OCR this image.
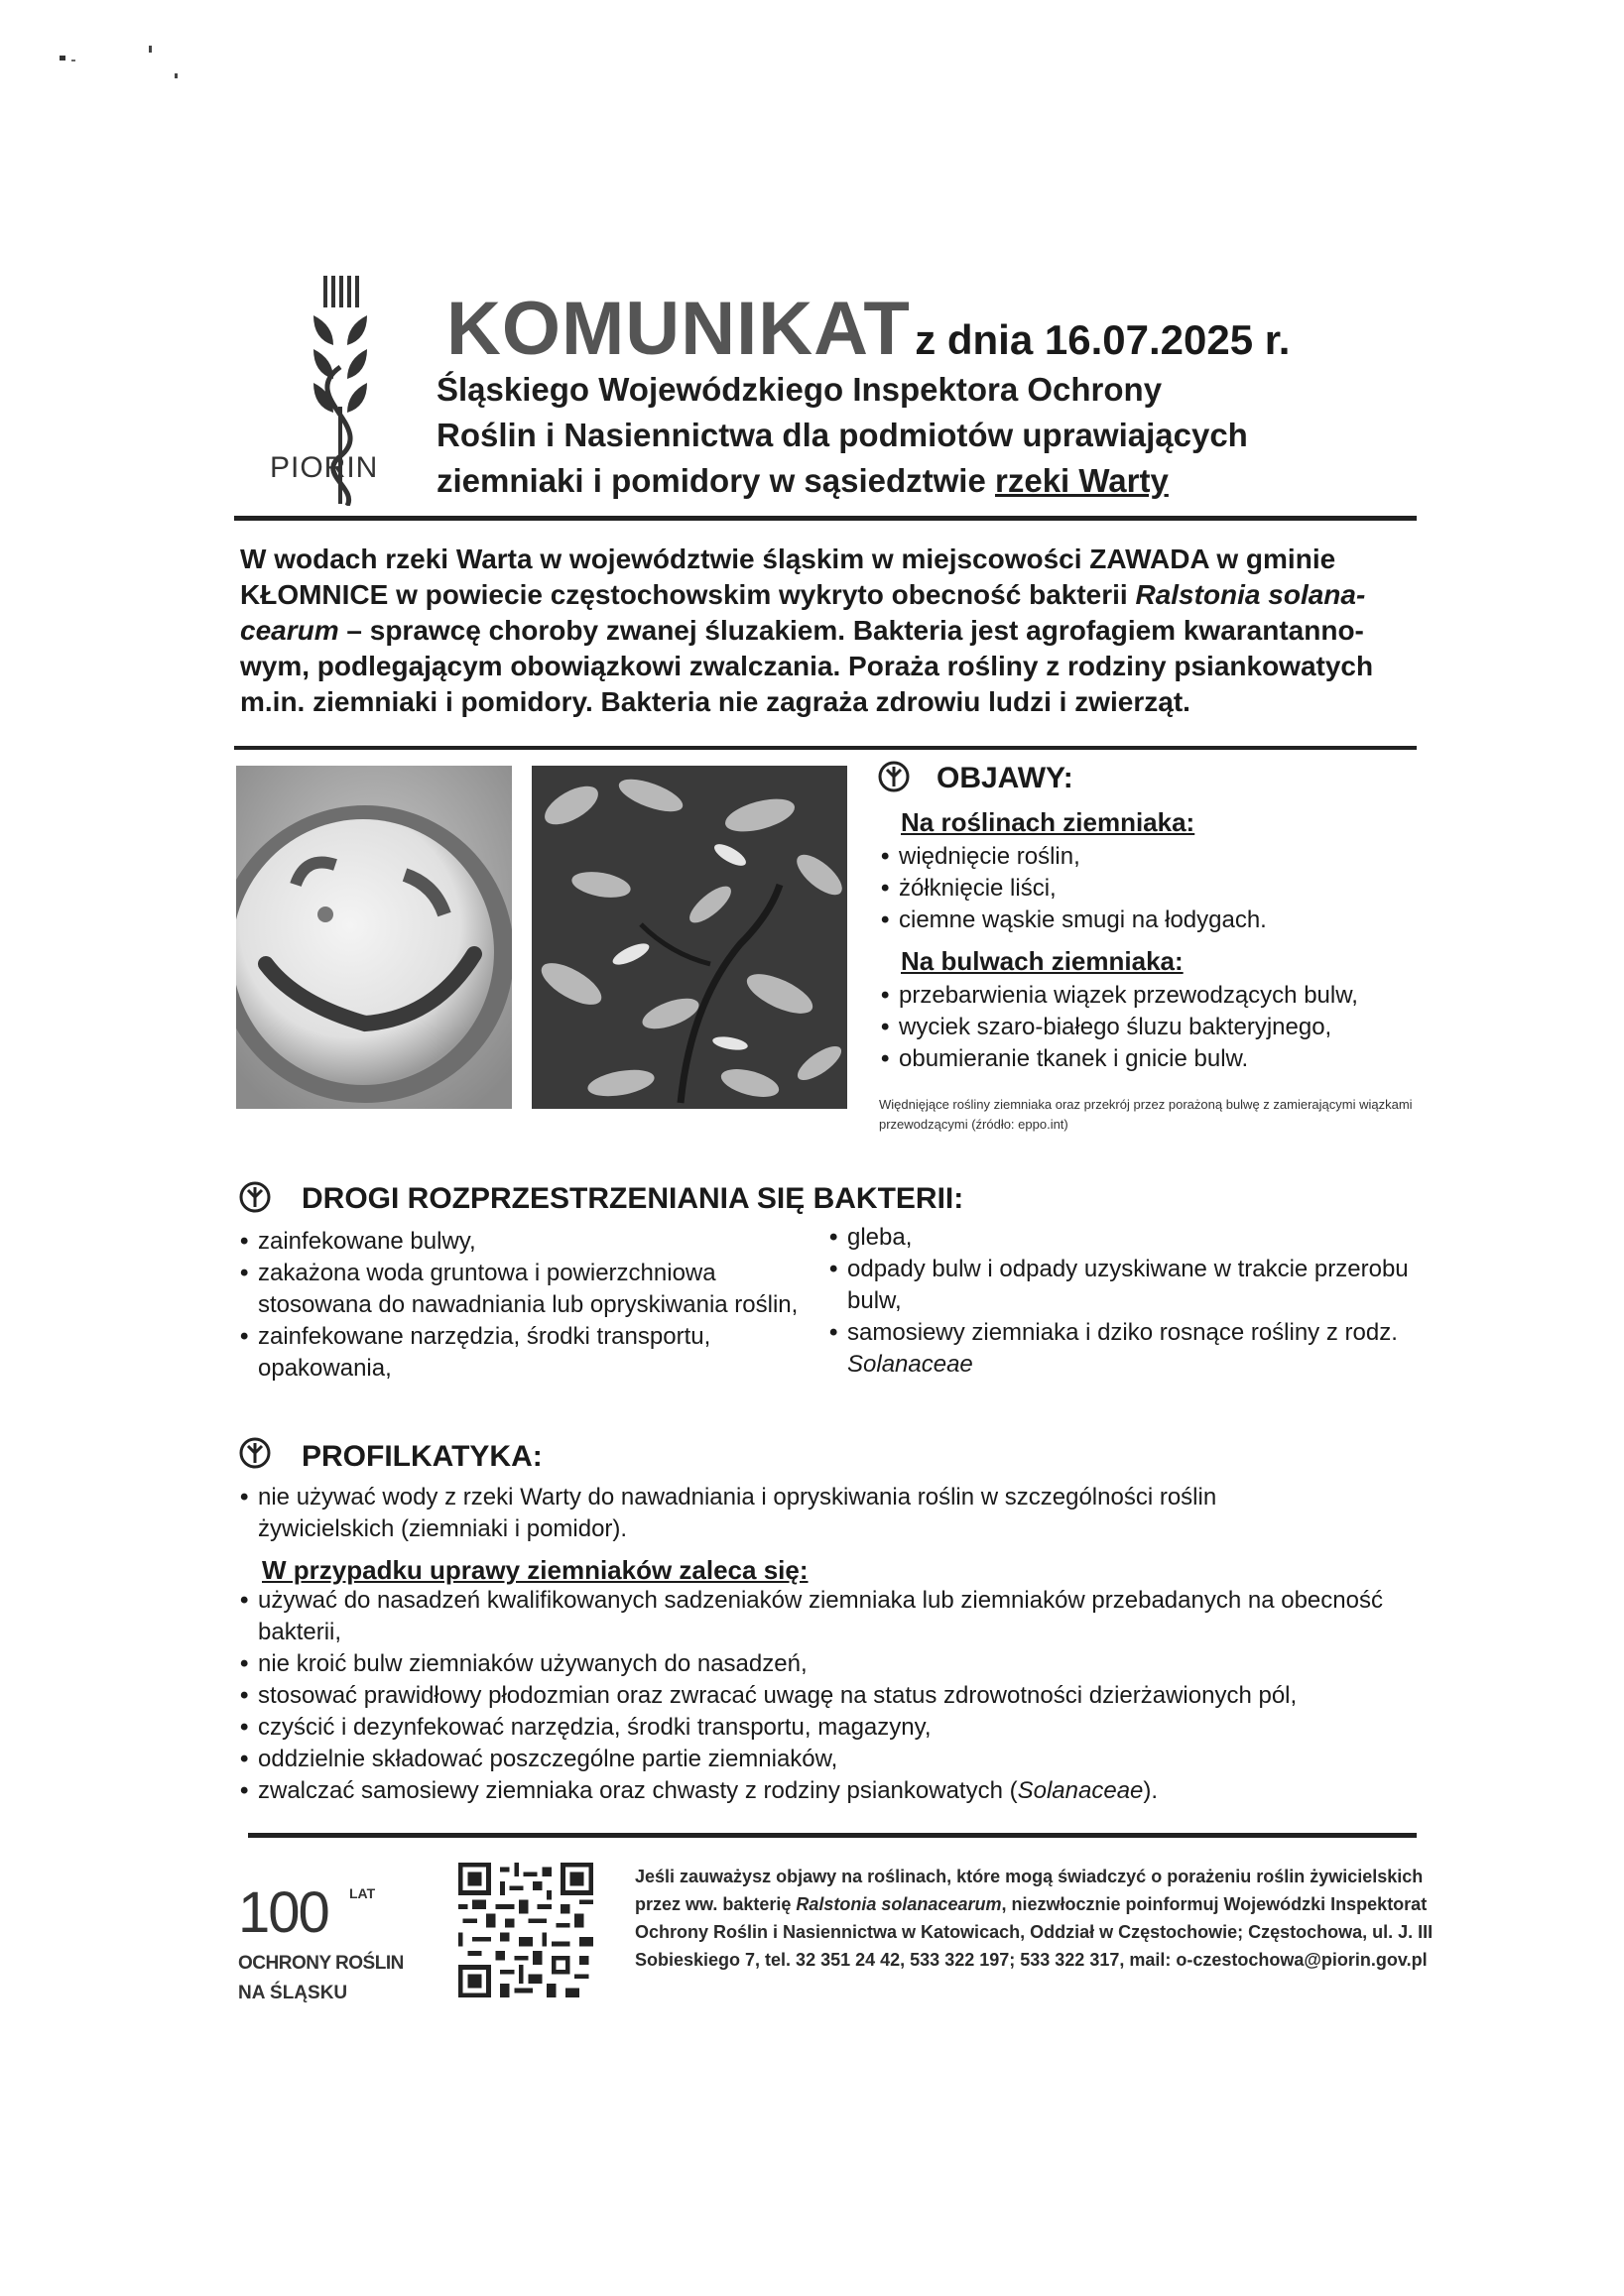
PIORIN
KOMUNIKAT z dnia 16.07.2025 r.
Śląskiego Wojewódzkiego Inspektora Ochrony
Roślin i Nasiennictwa dla podmiotów uprawiających
ziemniaki i pomidory w sąsiedztwie rzeki Warty
W wodach rzeki Warta w województwie śląskim w miejscowości ZAWADA w gminie KŁOMNICE w powiecie częstochowskim wykryto obecność bakterii Ralstonia solana-cearum – sprawcę choroby zwanej śluzakiem. Bakteria jest agrofagiem kwarantanno-wym, podlegającym obowiązkowi zwalczania. Poraża rośliny z rodziny psiankowatych m.in. ziemniaki i pomidory. Bakteria nie zagraża zdrowiu ludzi i zwierząt.
OBJAWY:
Na roślinach ziemniaka:
• więdnięcie roślin,
• żółknięcie liści,
• ciemne wąskie smugi na łodygach.
Na bulwach ziemniaka:
• przebarwienia wiązek przewodzących bulw,
• wyciek szaro-białego śluzu bakteryjnego,
• obumieranie tkanek i gnicie bulw.
Więdnięjące rośliny ziemniaka oraz przekrój przez porażoną bulwę z zamierającymi wiązkami przewodzącymi (źródło: eppo.int)
DROGI ROZPRZESTRZENIANIA SIĘ BAKTERII:
• zainfekowane bulwy,
• zakażona woda gruntowa i powierzchniowa stosowana do nawadniania lub opryskiwania roślin,
• zainfekowane narzędzia, środki transportu, opakowania,
• gleba,
• odpady bulw i odpady uzyskiwane w trakcie przerobu bulw,
• samosiewy ziemniaka i dziko rosnące rośliny z rodz. Solanaceae
PROFILKATYKA:
• nie używać wody z rzeki Warty do nawadniania i opryskiwania roślin w szczególności roślin żywicielskich (ziemniaki i pomidor).
W przypadku uprawy ziemniaków zaleca się:
• używać do nasadzeń kwalifikowanych sadzeniaków ziemniaka lub ziemniaków przebadanych na obecność bakterii,
• nie kroić bulw ziemniaków używanych do nasadzeń,
• stosować prawidłowy płodozmian oraz zwracać uwagę na status zdrowotności dzierżawionych pól,
• czyścić i dezynfekować narzędzia, środki transportu, magazyny,
• oddzielnie składować poszczególne partie ziemniaków,
• zwalczać samosiewy ziemniaka oraz chwasty z rodziny psiankowatych (Solanaceae).
100 LAT
OCHRONY ROŚLIN
NA ŚLĄSKU
Jeśli zauważysz objawy na roślinach, które mogą świadczyć o porażeniu roślin żywicielskich przez ww. bakterię Ralstonia solanacearum, niezwłocznie poinformuj Wojewódzki Inspektorat Ochrony Roślin i Nasiennictwa w Katowicach, Oddział w Częstochowie; Częstochowa, ul. J. III Sobieskiego 7, tel. 32 351 24 42, 533 322 197; 533 322 317, mail: o-czestochowa@piorin.gov.pl
